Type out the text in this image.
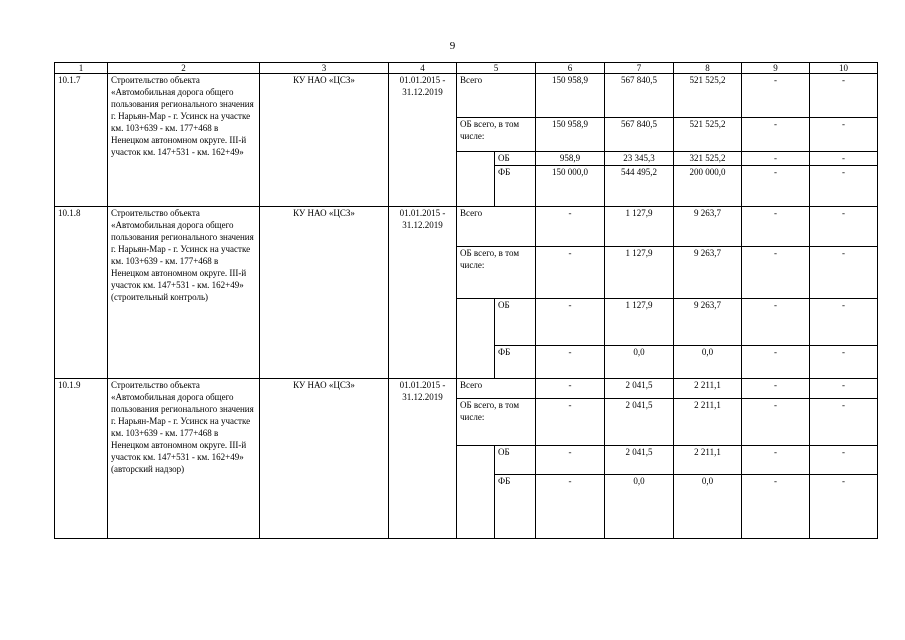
9
1	2	3	4	5		6	7	8	9	10
10.1.7	Строительство объекта «Автомобильная дорога общего пользования регионального значения г. Нарьян-Мар - г. Усинск на участке км. 103+639 - км. 177+468 в Ненецком автономном округе. III-й участок км. 147+531 - км. 162+49»	КУ НАО «ЦСЗ»	01.01.2015 - 31.12.2019	Всего		150 958,9	567 840,5	521 525,2	-	-
				ОБ всего, в том числе:		150 958,9	567 840,5	521 525,2	-	-
					ОБ	958,9	23 345,3	321 525,2	-	-
					ФБ	150 000,0	544 495,2	200 000,0	-	-
10.1.8	Строительство объекта «Автомобильная дорога общего пользования регионального значения г. Нарьян-Мар - г. Усинск на участке км. 103+639 - км. 177+468 в Ненецком автономном округе. III-й участок км. 147+531 - км. 162+49» (строительный контроль)	КУ НАО «ЦСЗ»	01.01.2015 - 31.12.2019	Всего		-	1 127,9	9 263,7	-	-
				ОБ всего, в том числе:		-	1 127,9	9 263,7	-	-
					ОБ	-	1 127,9	9 263,7	-	-
					ФБ	-	0,0	0,0	-	-
10.1.9	Строительство объекта «Автомобильная дорога общего пользования регионального значения г. Нарьян-Мар - г. Усинск на участке км. 103+639 - км. 177+468 в Ненецком автономном округе. III-й участок км. 147+531 - км. 162+49» (авторский надзор)	КУ НАО «ЦСЗ»	01.01.2015 - 31.12.2019	Всего		-	2 041,5	2 211,1	-	-
				ОБ всего, в том числе:		-	2 041,5	2 211,1	-	-
					ОБ	-	2 041,5	2 211,1	-	-
					ФБ	-	0,0	0,0	-	-
